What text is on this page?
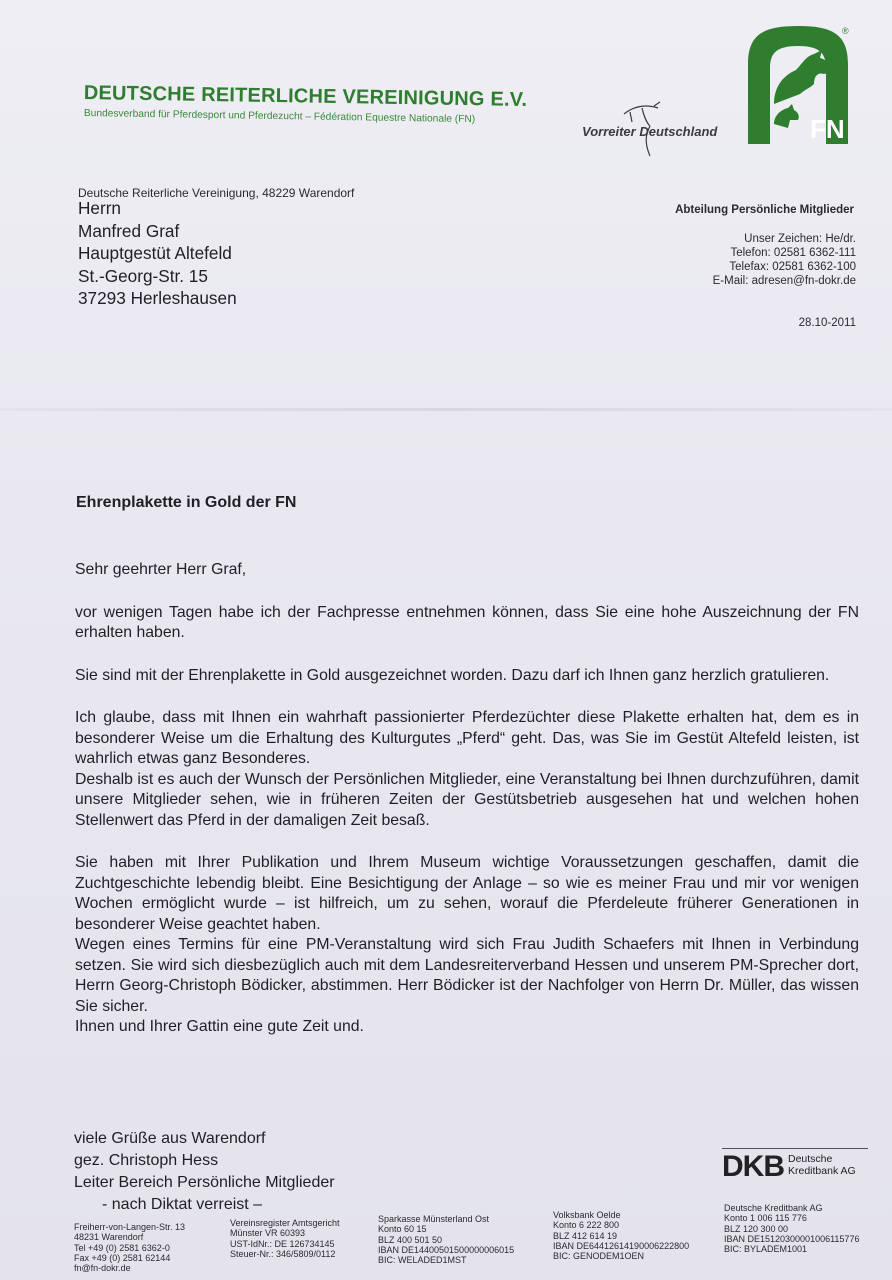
DEUTSCHE REITERLICHE VEREINIGUNG E.V.

Bundesverband für Pferdesport und Pferdezucht – Fédération Equestre Nationale (FN)

Vorreiter Deutschland	FN
®
Deutsche Reiterliche Vereinigung, 48229 Warendorf
Herrn
Manfred Graf
Hauptgestüt Altefeld
St.-Georg-Str. 15
37293 Herleshausen
Abteilung Persönliche Mitglieder
Unser Zeichen: He/dr.
Telefon: 02581 6362-111
Telefax: 02581 6362-100
E-Mail: adresen@fn-dokr.de
28.10-2011
Ehrenplakette in Gold der FN

Sehr geehrter Herr Graf,

vor wenigen Tagen habe ich der Fachpresse entnehmen können, dass Sie eine hohe Auszeichnung der FN erhalten haben.

Sie sind mit der Ehrenplakette in Gold ausgezeichnet worden. Dazu darf ich Ihnen ganz herzlich gratulieren.

Ich glaube, dass mit Ihnen ein wahrhaft passionierter Pferdezüchter diese Plakette erhalten hat, dem es in besonderer Weise um die Erhaltung des Kulturgutes „Pferd“ geht. Das, was Sie im Gestüt Altefeld leisten, ist wahrlich etwas ganz Besonderes.

Deshalb ist es auch der Wunsch der Persönlichen Mitglieder, eine Veranstaltung bei Ihnen durchzuführen, damit unsere Mitglieder sehen, wie in früheren Zeiten der Gestütsbetrieb ausgesehen hat und welchen hohen Stellenwert das Pferd in der damaligen Zeit besaß.

Sie haben mit Ihrer Publikation und Ihrem Museum wichtige Voraussetzungen geschaffen, damit die Zuchtgeschichte lebendig bleibt. Eine Besichtigung der Anlage – so wie es meiner Frau und mir vor wenigen Wochen ermöglicht wurde – ist hilfreich, um zu sehen, worauf die Pferdeleute früherer Generationen in besonderer Weise geachtet haben.

Wegen eines Termins für eine PM-Veranstaltung wird sich Frau Judith Schaefers mit Ihnen in Verbindung setzen. Sie wird sich diesbezüglich auch mit dem Landesreiterverband Hessen und unserem PM-Sprecher dort, Herrn Georg-Christoph Bödicker, abstimmen. Herr Bödicker ist der Nachfolger von Herrn Dr. Müller, das wissen Sie sicher.

Ihnen und Ihrer Gattin eine gute Zeit und.

viele Grüße aus Warendorf
gez. Christoph Hess
Leiter Bereich Persönliche Mitglieder
- nach Diktat verreist –
DKB Deutsche
Kreditbank AG
Freiherr-von-Langen-Str. 13
48231 Warendorf
Tel +49 (0) 2581 6362-0
Fax +49 (0) 2581 62144
fn@fn-dokr.de
Vereinsregister Amtsgericht
Münster VR 60393
UST-IdNr.: DE 126734145
Steuer-Nr.: 346/5809/0112
Sparkasse Münsterland Ost
Konto 60 15
BLZ 400 501 50
IBAN DE14400501500000006015
BIC: WELADED1MST
Volksbank Oelde
Konto 6 222 800
BLZ 412 614 19
IBAN DE64412614190006222800
BIC: GENODEM1OEN
Deutsche Kreditbank AG
Konto 1 006 115 776
BLZ 120 300 00
IBAN DE15120300001006115776
BIC: BYLADEM1001
